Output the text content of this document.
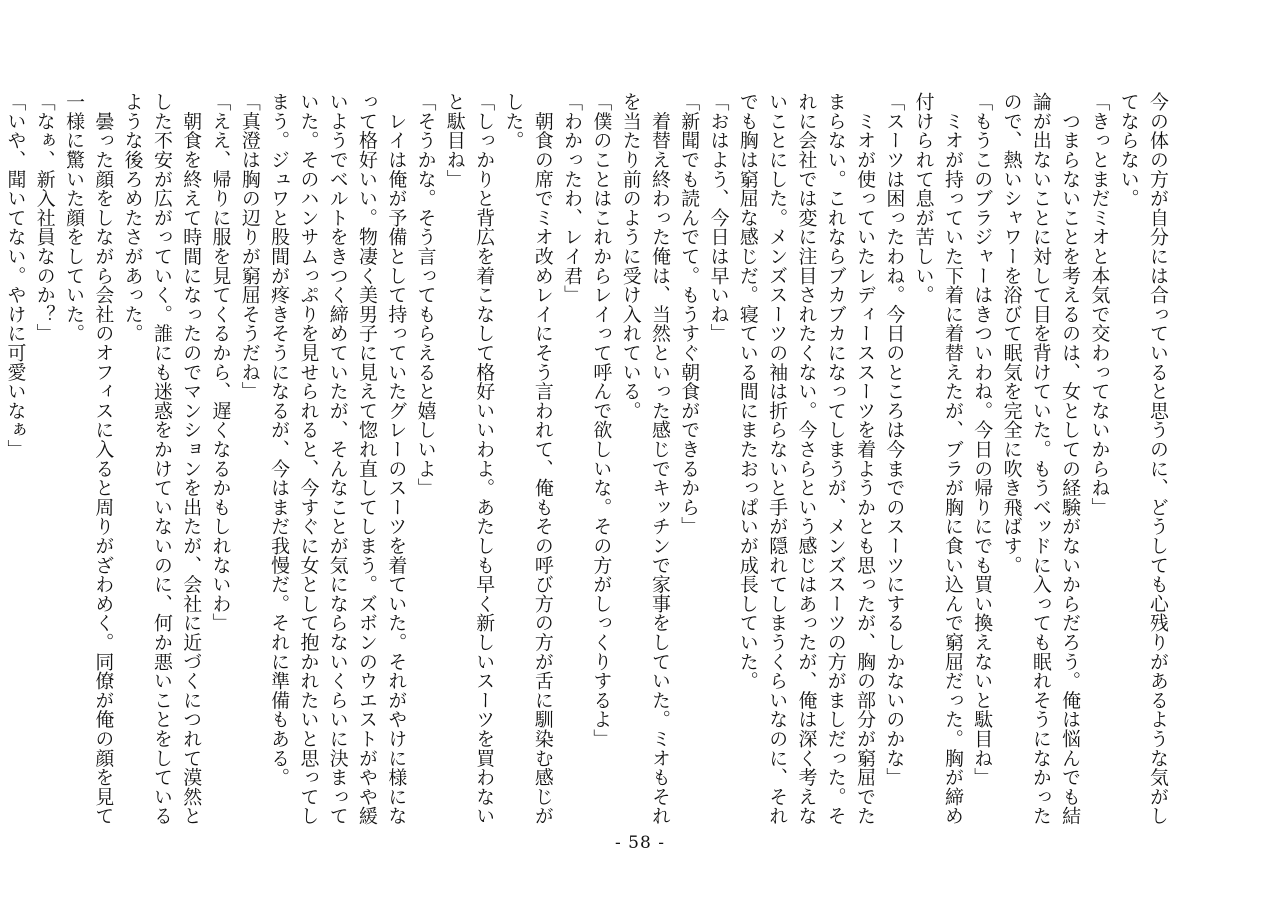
今の体の方が自分には合っていると思うのに、どうしても心残りがあるような気がしてならない。

「きっとまだミオと本気で交わってないからね」

　つまらないことを考えるのは、女としての経験がないからだろう。俺は悩んでも結論が出ないことに対して目を背けていた。もうベッドに入っても眠れそうになかったので、熱いシャワーを浴びて眠気を完全に吹き飛ばす。

「もうこのブラジャーはきついわね。今日の帰りにでも買い換えないと駄目ね」

　ミオが持っていた下着に着替えたが、ブラが胸に食い込んで窮屈だった。胸が締め付けられて息が苦しい。

「スーツは困ったわね。今日のところは今までのスーツにするしかないのかな」

　ミオが使っていたレディーススーツを着ようかとも思ったが、胸の部分が窮屈でたまらない。これならブカブカになってしまうが、メンズスーツの方がましだった。それに会社では変に注目されたくない。今さらという感じはあったが、俺は深く考えないことにした。メンズスーツの袖は折らないと手が隠れてしまうくらいなのに、それでも胸は窮屈な感じだ。寝ている間にまたおっぱいが成長していた。

「おはよう、今日は早いね」

「新聞でも読んでて。もうすぐ朝食ができるから」

　着替え終わった俺は、当然といった感じでキッチンで家事をしていた。ミオもそれを当たり前のように受け入れている。

「僕のことはこれからレイって呼んで欲しいな。その方がしっくりするよ」

「わかったわ、レイ君」

　朝食の席でミオ改めレイにそう言われて、俺もその呼び方の方が舌に馴染む感じがした。

「しっかりと背広を着こなして格好いいわよ。あたしも早く新しいスーツを買わないと駄目ね」

「そうかな。そう言ってもらえると嬉しいよ」

　レイは俺が予備として持っていたグレーのスーツを着ていた。それがやけに様になって格好いい。物凄く美男子に見えて惚れ直してしまう。ズボンのウエストがやや緩いようでベルトをきつく締めていたが、そんなことが気にならないくらいに決まっていた。そのハンサムっぷりを見せられると、今すぐに女として抱かれたいと思ってしまう。ジュワと股間が疼きそうになるが、今はまだ我慢だ。それに準備もある。

「真澄は胸の辺りが窮屈そうだね」

「ええ、帰りに服を見てくるから、遅くなるかもしれないわ」

　朝食を終えて時間になったのでマンションを出たが、会社に近づくにつれて漠然とした不安が広がっていく。誰にも迷惑をかけていないのに、何か悪いことをしているような後ろめたさがあった。

　曇った顔をしながら会社のオフィスに入ると周りがざわめく。同僚が俺の顔を見て一様に驚いた顔をしていた。

「なぁ、新入社員なのか？」

「いや、聞いてない。やけに可愛いなぁ」

- 58 -
